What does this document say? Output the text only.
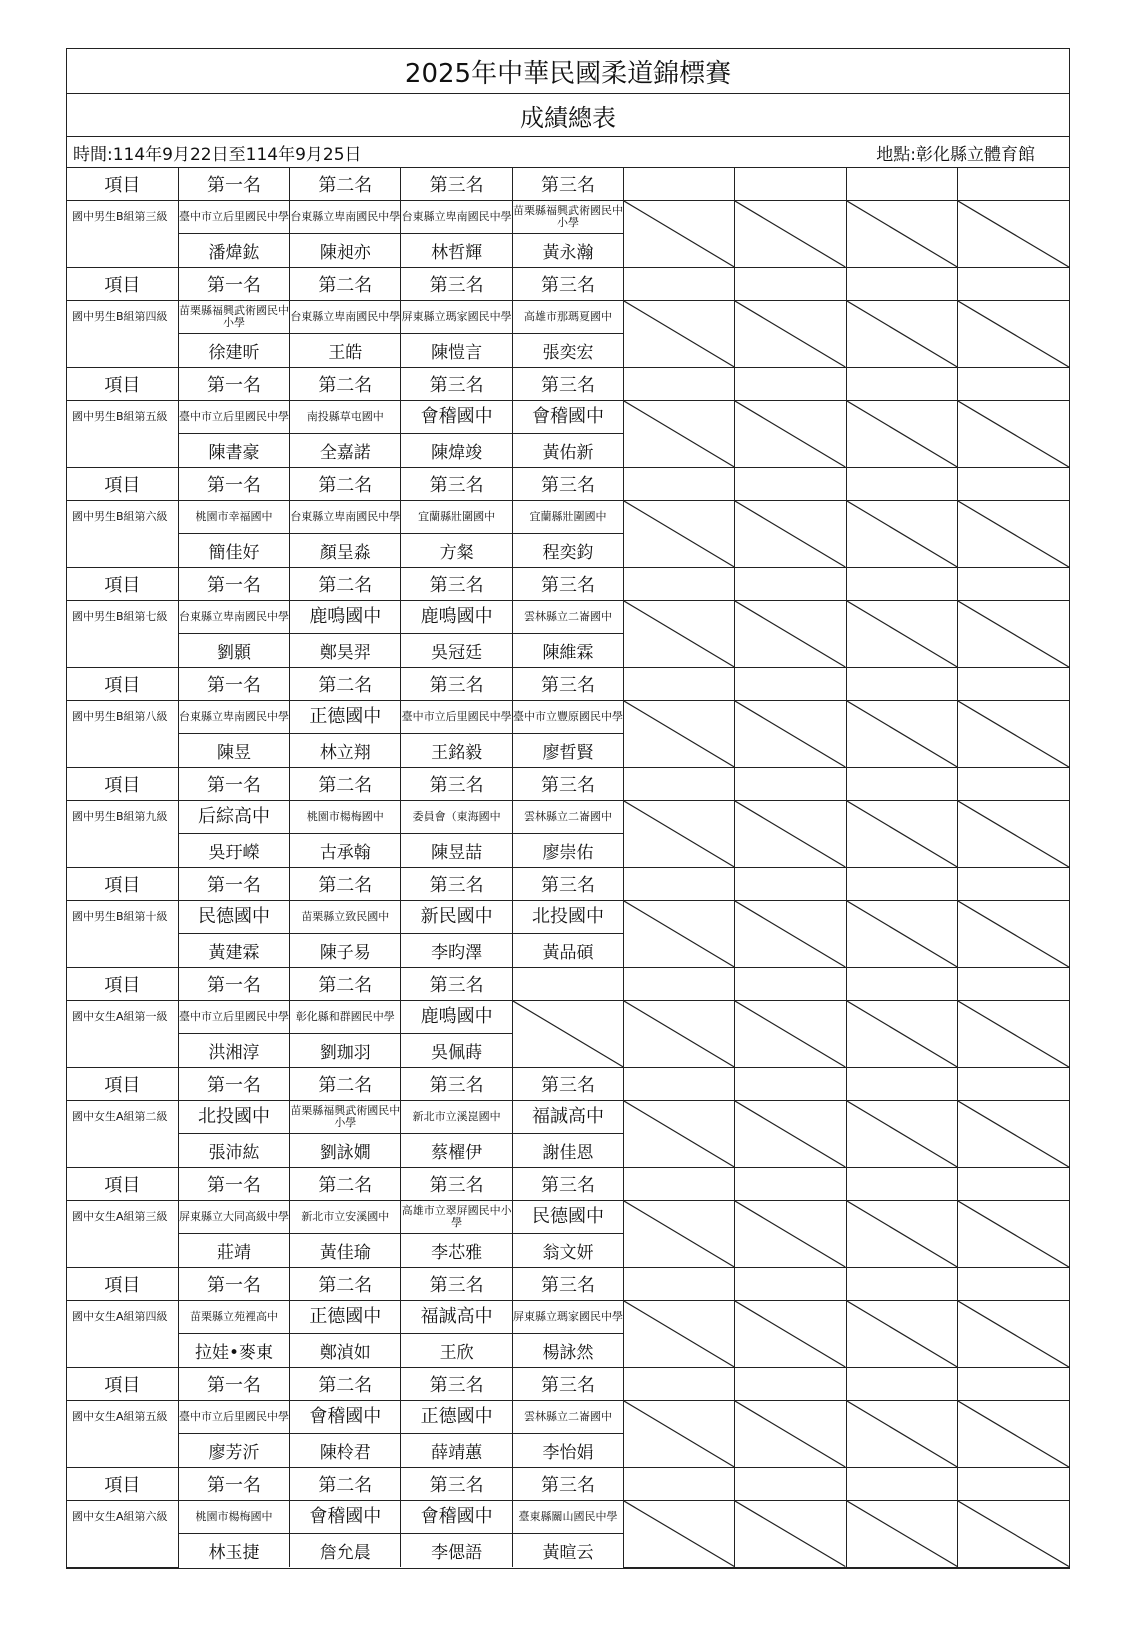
2025年中華民國柔道錦標賽
成績總表
時間:114年9月22日至114年9月25日	地點:彰化縣立體育館
項目	第一名	第二名	第三名	第三名				
國中男生B組第三級	臺中市立后里國民中學	台東縣立卑南國民中學	台東縣立卑南國民中學	苗栗縣福興武術國民中小學	

	潘煒鈜	陳昶亦	林哲輝	黃永瀚				
項目	第一名	第二名	第三名	第三名				
國中男生B組第四級	苗栗縣福興武術國民中小學	台東縣立卑南國民中學	屏東縣立瑪家國民中學	高雄市那瑪夏國中	

	徐建昕	王皓	陳愷言	張奕宏				
項目	第一名	第二名	第三名	第三名				
國中男生B組第五級	臺中市立后里國民中學	南投縣草屯國中	會稽國中	會稽國中	

	陳書豪	全嘉諾	陳煒竣	黃佑新				
項目	第一名	第二名	第三名	第三名				
國中男生B組第六級	桃園市幸福國中	台東縣立卑南國民中學	宜蘭縣壯圍國中	宜蘭縣壯圍國中	

	簡佳好	顏呈淼	方粲	程奕鈞				
項目	第一名	第二名	第三名	第三名				
國中男生B組第七級	台東縣立卑南國民中學	鹿鳴國中	鹿鳴國中	雲林縣立二崙國中	

	劉顥	鄭昊羿	吳冠廷	陳維霖				
項目	第一名	第二名	第三名	第三名				
國中男生B組第八級	台東縣立卑南國民中學	正德國中	臺中市立后里國民中學	臺中市立豐原國民中學	

	陳昱	林立翔	王銘毅	廖晢賢				
項目	第一名	第二名	第三名	第三名				
國中男生B組第九級	后綜高中	桃園市楊梅國中	委員會（東海國中	雲林縣立二崙國中	

	吳玗嶸	古承翰	陳昱喆	廖崇佑				
項目	第一名	第二名	第三名	第三名				
國中男生B組第十級	民德國中	苗栗縣立致民國中	新民國中	北投國中	

	黃建霖	陳子易	李昀澤	黃品碩				
項目	第一名	第二名	第三名					
國中女生A組第一級	臺中市立后里國民中學	彰化縣和群國民中學	鹿鳴國中	

	洪湘淳	劉珈羽	吳佩蒔					
項目	第一名	第二名	第三名	第三名				
國中女生A組第二級	北投國中	苗栗縣福興武術國民中小學	新北市立溪崑國中	福誠高中	

	張沛紘	劉詠嫺	蔡櫂伊	謝佳恩				
項目	第一名	第二名	第三名	第三名				
國中女生A組第三級	屏東縣立大同高級中學	新北市立安溪國中	高雄市立翠屏國民中小學	民德國中	

	莊靖	黃佳瑜	李芯雅	翁文妍				
項目	第一名	第二名	第三名	第三名				
國中女生A組第四級	苗栗縣立苑裡高中	正德國中	福誠高中	屏東縣立瑪家國民中學	

	拉娃•麥東	鄭湞如	王欣	楊詠然				
項目	第一名	第二名	第三名	第三名				
國中女生A組第五級	臺中市立后里國民中學	會稽國中	正德國中	雲林縣立二崙國中	

	廖芳沂	陳柃君	薛靖蕙	李怡娟				
項目	第一名	第二名	第三名	第三名				
國中女生A組第六級	桃園市楊梅國中	會稽國中	會稽國中	臺東縣關山國民中學	

	林玉捷	詹允晨	李偲語	黃暄云				
